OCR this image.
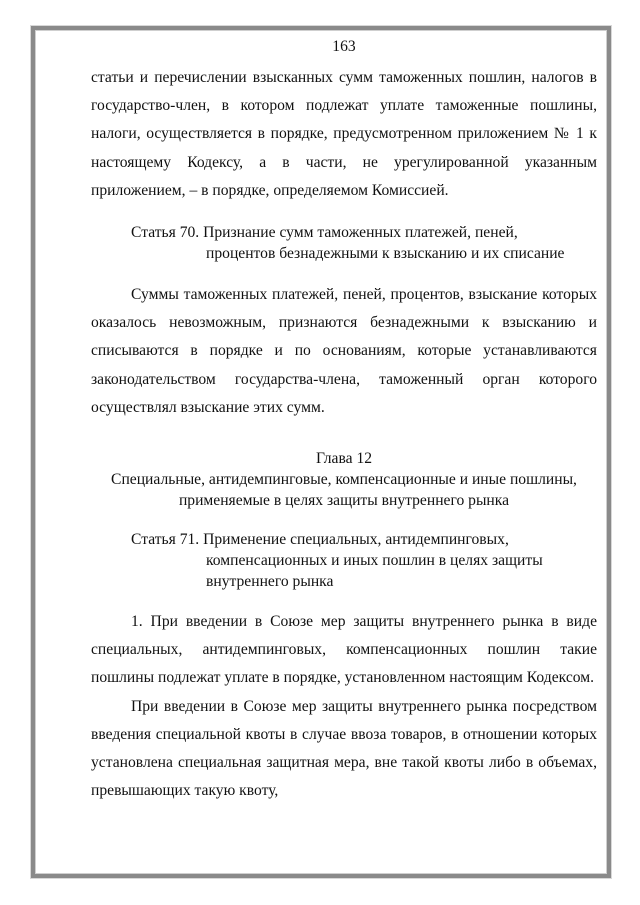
163

статьи и перечислении взысканных сумм таможенных пошлин, налогов в государство-член, в котором подлежат уплате таможенные пошлины, налоги, осуществляется в порядке, предусмотренном приложением № 1 к настоящему Кодексу, а в части, не урегулированной указанным приложением, – в порядке, определяемом Комиссией.

Статья 70. Признание сумм таможенных платежей, пеней,
процентов безнадежными к взысканию и их списание

Суммы таможенных платежей, пеней, процентов, взыскание которых оказалось невозможным, признаются безнадежными к взысканию и списываются в порядке и по основаниям, которые устанавливаются законодательством государства-члена, таможенный орган которого осуществлял взыскание этих сумм.

Глава 12
Специальные, антидемпинговые, компенсационные и иные пошлины,
применяемые в целях защиты внутреннего рынка
Статья 71. Применение специальных, антидемпинговых,
компенсационных и иных пошлин в целях защиты
внутреннего рынка

1. При введении в Союзе мер защиты внутреннего рынка в виде специальных, антидемпинговых, компенсационных пошлин такие пошлины подлежат уплате в порядке, установленном настоящим Кодексом.

При введении в Союзе мер защиты внутреннего рынка посредством введения специальной квоты в случае ввоза товаров, в отношении которых установлена специальная защитная мера, вне такой квоты либо в объемах, превышающих такую квоту,
